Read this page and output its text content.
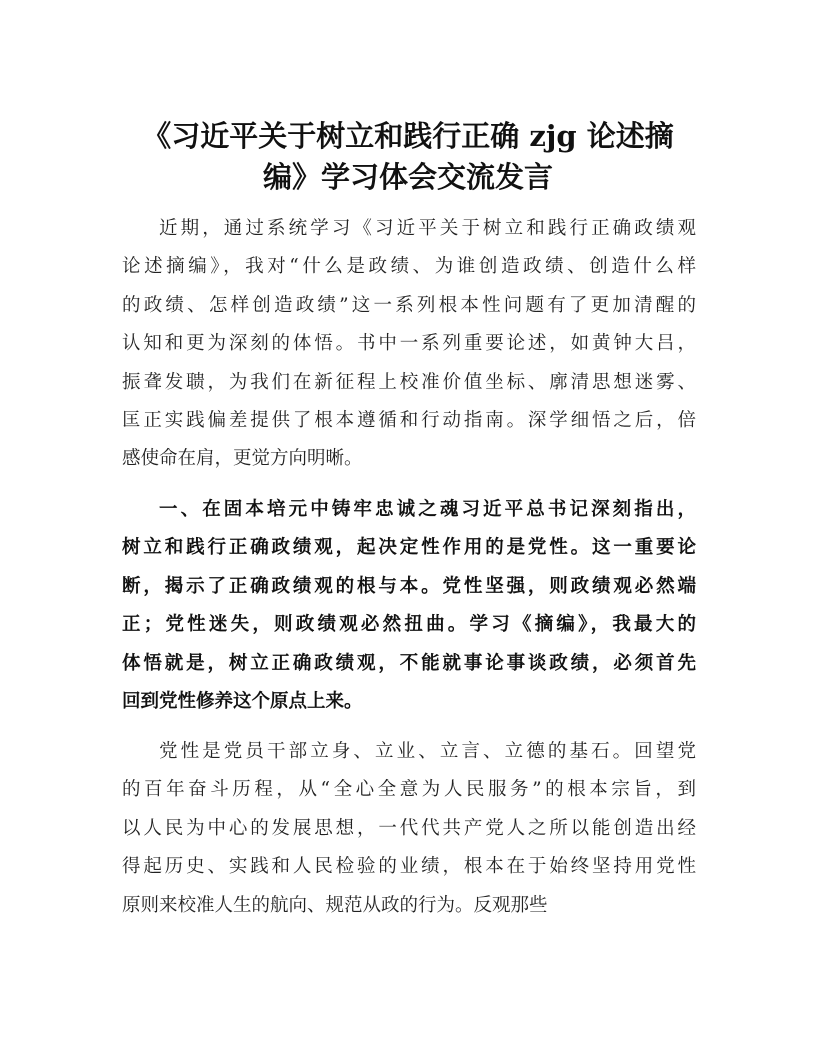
《习近平关于树立和践行正确 zjg 论述摘
编》学习体会交流发言
近期，通过系统学习《习近平关于树立和践行正确政绩观
论述摘编》，我对“什么是政绩、为谁创造政绩、创造什么样
的政绩、怎样创造政绩”这一系列根本性问题有了更加清醒的
认知和更为深刻的体悟。书中一系列重要论述，如黄钟大吕，
振聋发聩，为我们在新征程上校准价值坐标、廓清思想迷雾、
匡正实践偏差提供了根本遵循和行动指南。深学细悟之后，倍
感使命在肩，更觉方向明晰。
一、在固本培元中铸牢忠诚之魂习近平总书记深刻指出，
树立和践行正确政绩观，起决定性作用的是党性。这一重要论
断，揭示了正确政绩观的根与本。党性坚强，则政绩观必然端
正；党性迷失，则政绩观必然扭曲。学习《摘编》，我最大的
体悟就是，树立正确政绩观，不能就事论事谈政绩，必须首先
回到党性修养这个原点上来。
党性是党员干部立身、立业、立言、立德的基石。回望党
的百年奋斗历程，从“全心全意为人民服务”的根本宗旨，到
以人民为中心的发展思想，一代代共产党人之所以能创造出经
得起历史、实践和人民检验的业绩，根本在于始终坚持用党性
原则来校准人生的航向、规范从政的行为。反观那些
